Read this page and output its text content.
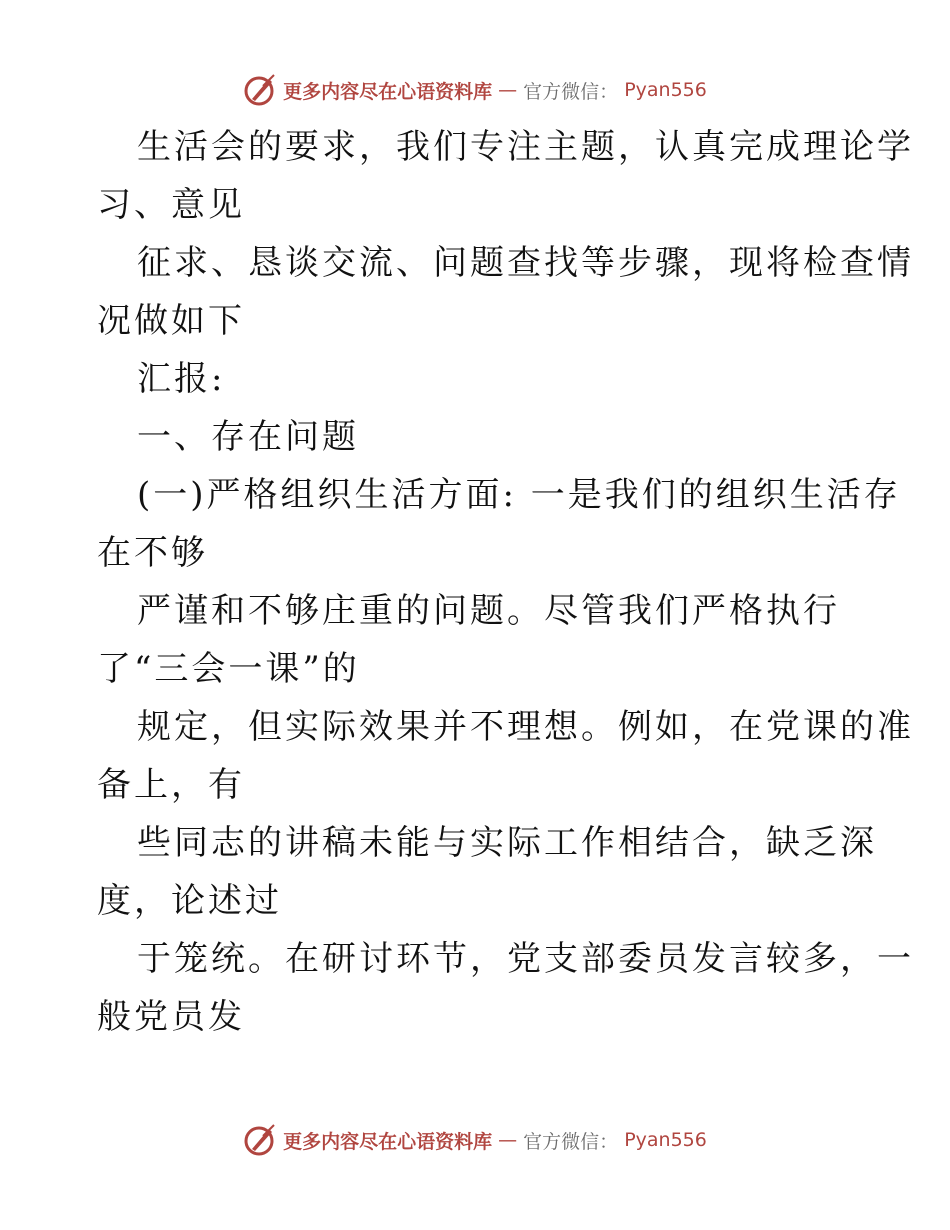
更多内容尽在心语资料库 — 官方微信： Pyan556
生活会的要求，我们专注主题，认真完成理论学
习、意见
征求、恳谈交流、问题查找等步骤，现将检查情
况做如下
汇报:
一、存在问题
(一)严格组织生活方面: 一是我们的组织生活存
在不够
严谨和不够庄重的问题。尽管我们严格执行
了“三会一课”的
规定，但实际效果并不理想。例如，在党课的准
备上，有
些同志的讲稿未能与实际工作相结合，缺乏深
度，论述过
于笼统。在研讨环节，党支部委员发言较多，一
般党员发
更多内容尽在心语资料库 — 官方微信： Pyan556
